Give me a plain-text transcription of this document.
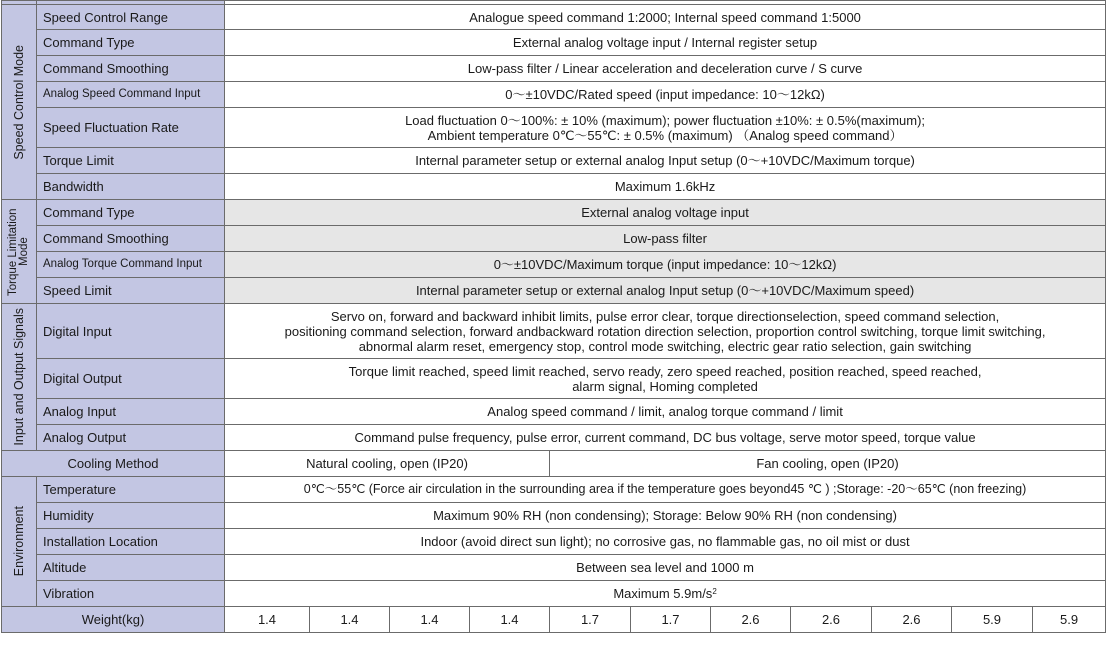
Speed Control Mode	Speed Control Range	Analogue speed command 1:2000; Internal speed command 1:5000										
	Command Type	External analog voltage input / Internal register setup										
	Command Smoothing	Low-pass filter / Linear acceleration and deceleration curve / S curve										
	Analog Speed Command Input	0～±10VDC/Rated speed (input impedance: 10～12kΩ)										
	Speed Fluctuation Rate	Load fluctuation 0～100%: ± 10% (maximum); power fluctuation ±10%: ± 0.5%(maximum);
Ambient temperature 0℃～55℃: ± 0.5% (maximum) （Analog speed command）										

	Torque Limit	Internal parameter setup or external analog Input setup (0～+10VDC/Maximum torque)										
	Bandwidth	Maximum 1.6kHz										

Torque Limitation Mode	Command Type	External analog voltage input										
	Command Smoothing	Low-pass filter										
	Analog Torque Command Input	0～±10VDC/Maximum torque (input impedance: 10～12kΩ)										
	Speed Limit	Internal parameter setup or external analog Input setup (0～+10VDC/Maximum speed)										

Input and Output Signals	Digital Input	Servo on, forward and backward inhibit limits, pulse error clear, torque directionselection, speed command selection,
positioning command selection, forward andbackward rotation direction selection, proportion control switching, torque limit switching,
abnormal alarm reset, emergency stop, control mode switching, electric gear ratio selection, gain switching										

	Digital Output	Torque limit reached, speed limit reached, servo ready, zero speed reached, position reached, speed reached,
alarm signal, Homing completed										

	Analog Input	Analog speed command / limit, analog torque command / limit										
	Analog Output	Command pulse frequency, pulse error, current command, DC bus voltage, serve motor speed, torque value										
Cooling Method		Natural cooling, open (IP20)				Fan cooling, open (IP20)						

Environment	Temperature	0℃～55℃ (Force air circulation in the surrounding area if the temperature goes beyond45 ℃ ) ;Storage: -20～65℃ (non freezing)										
	Humidity	Maximum 90% RH (non condensing); Storage: Below 90% RH (non condensing)										
	Installation Location	Indoor (avoid direct sun light); no corrosive gas, no flammable gas, no oil mist or dust										
	Altitude	Between sea level and 1000 m										
	Vibration	Maximum $5.9m/s^2$
Weight(kg)		1.4	1.4	1.4	1.4	1.7	1.7	2.6	2.6	2.6	5.9	5.9
